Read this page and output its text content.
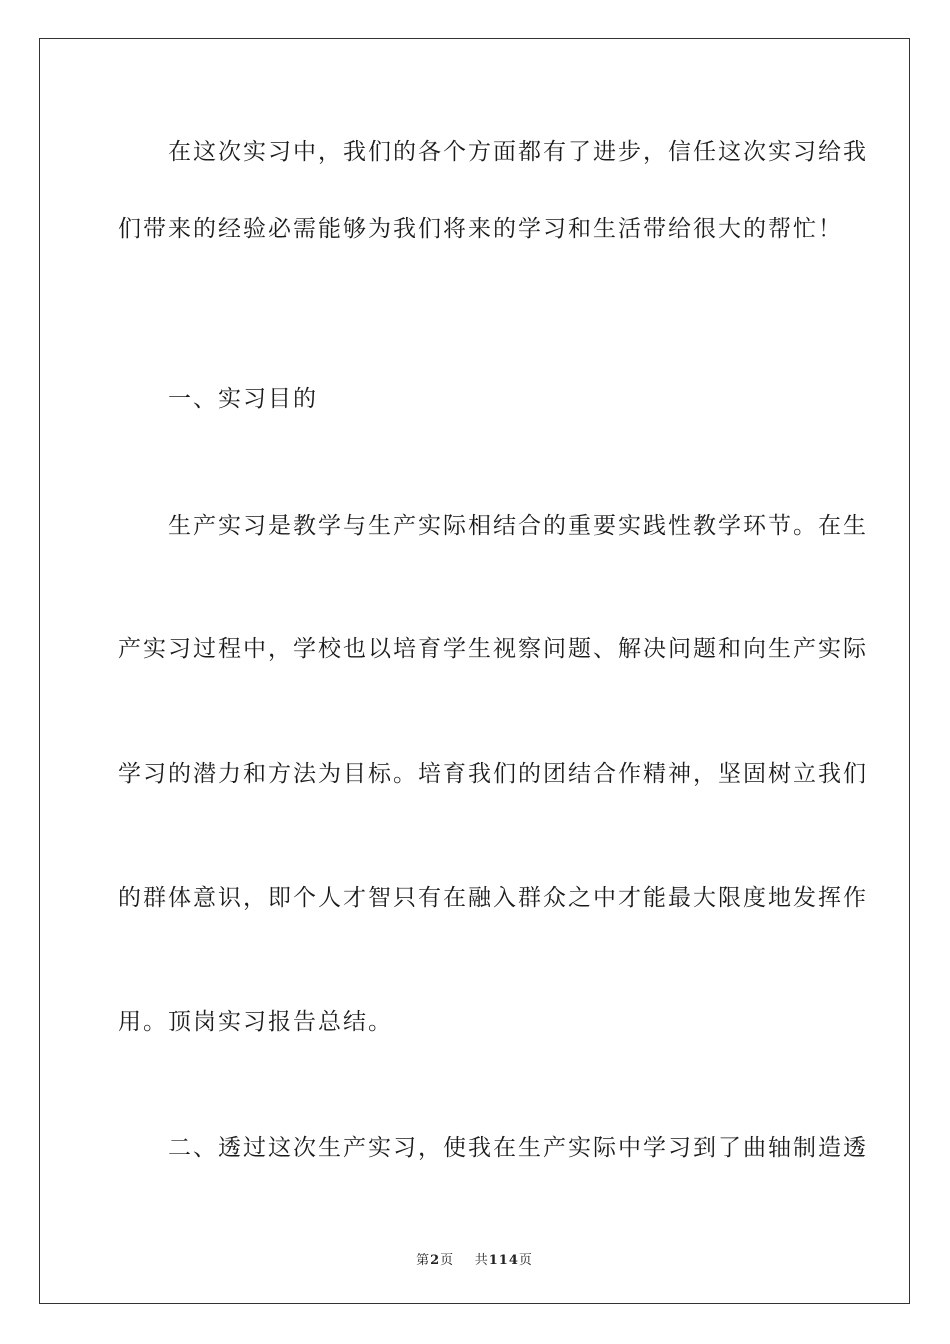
　　在这次实习中，我们的各个方面都有了进步，信任这次实习给我

们带来的经验必需能够为我们将来的学习和生活带给很大的帮忙！

　　一、实习目的

　　生产实习是教学与生产实际相结合的重要实践性教学环节。在生

产实习过程中，学校也以培育学生视察问题、解决问题和向生产实际

学习的潜力和方法为目标。培育我们的团结合作精神，坚固树立我们

的群体意识，即个人才智只有在融入群众之中才能最大限度地发挥作

用。顶岗实习报告总结。

　　二、透过这次生产实习，使我在生产实际中学习到了曲轴制造透

第2页 共114页
